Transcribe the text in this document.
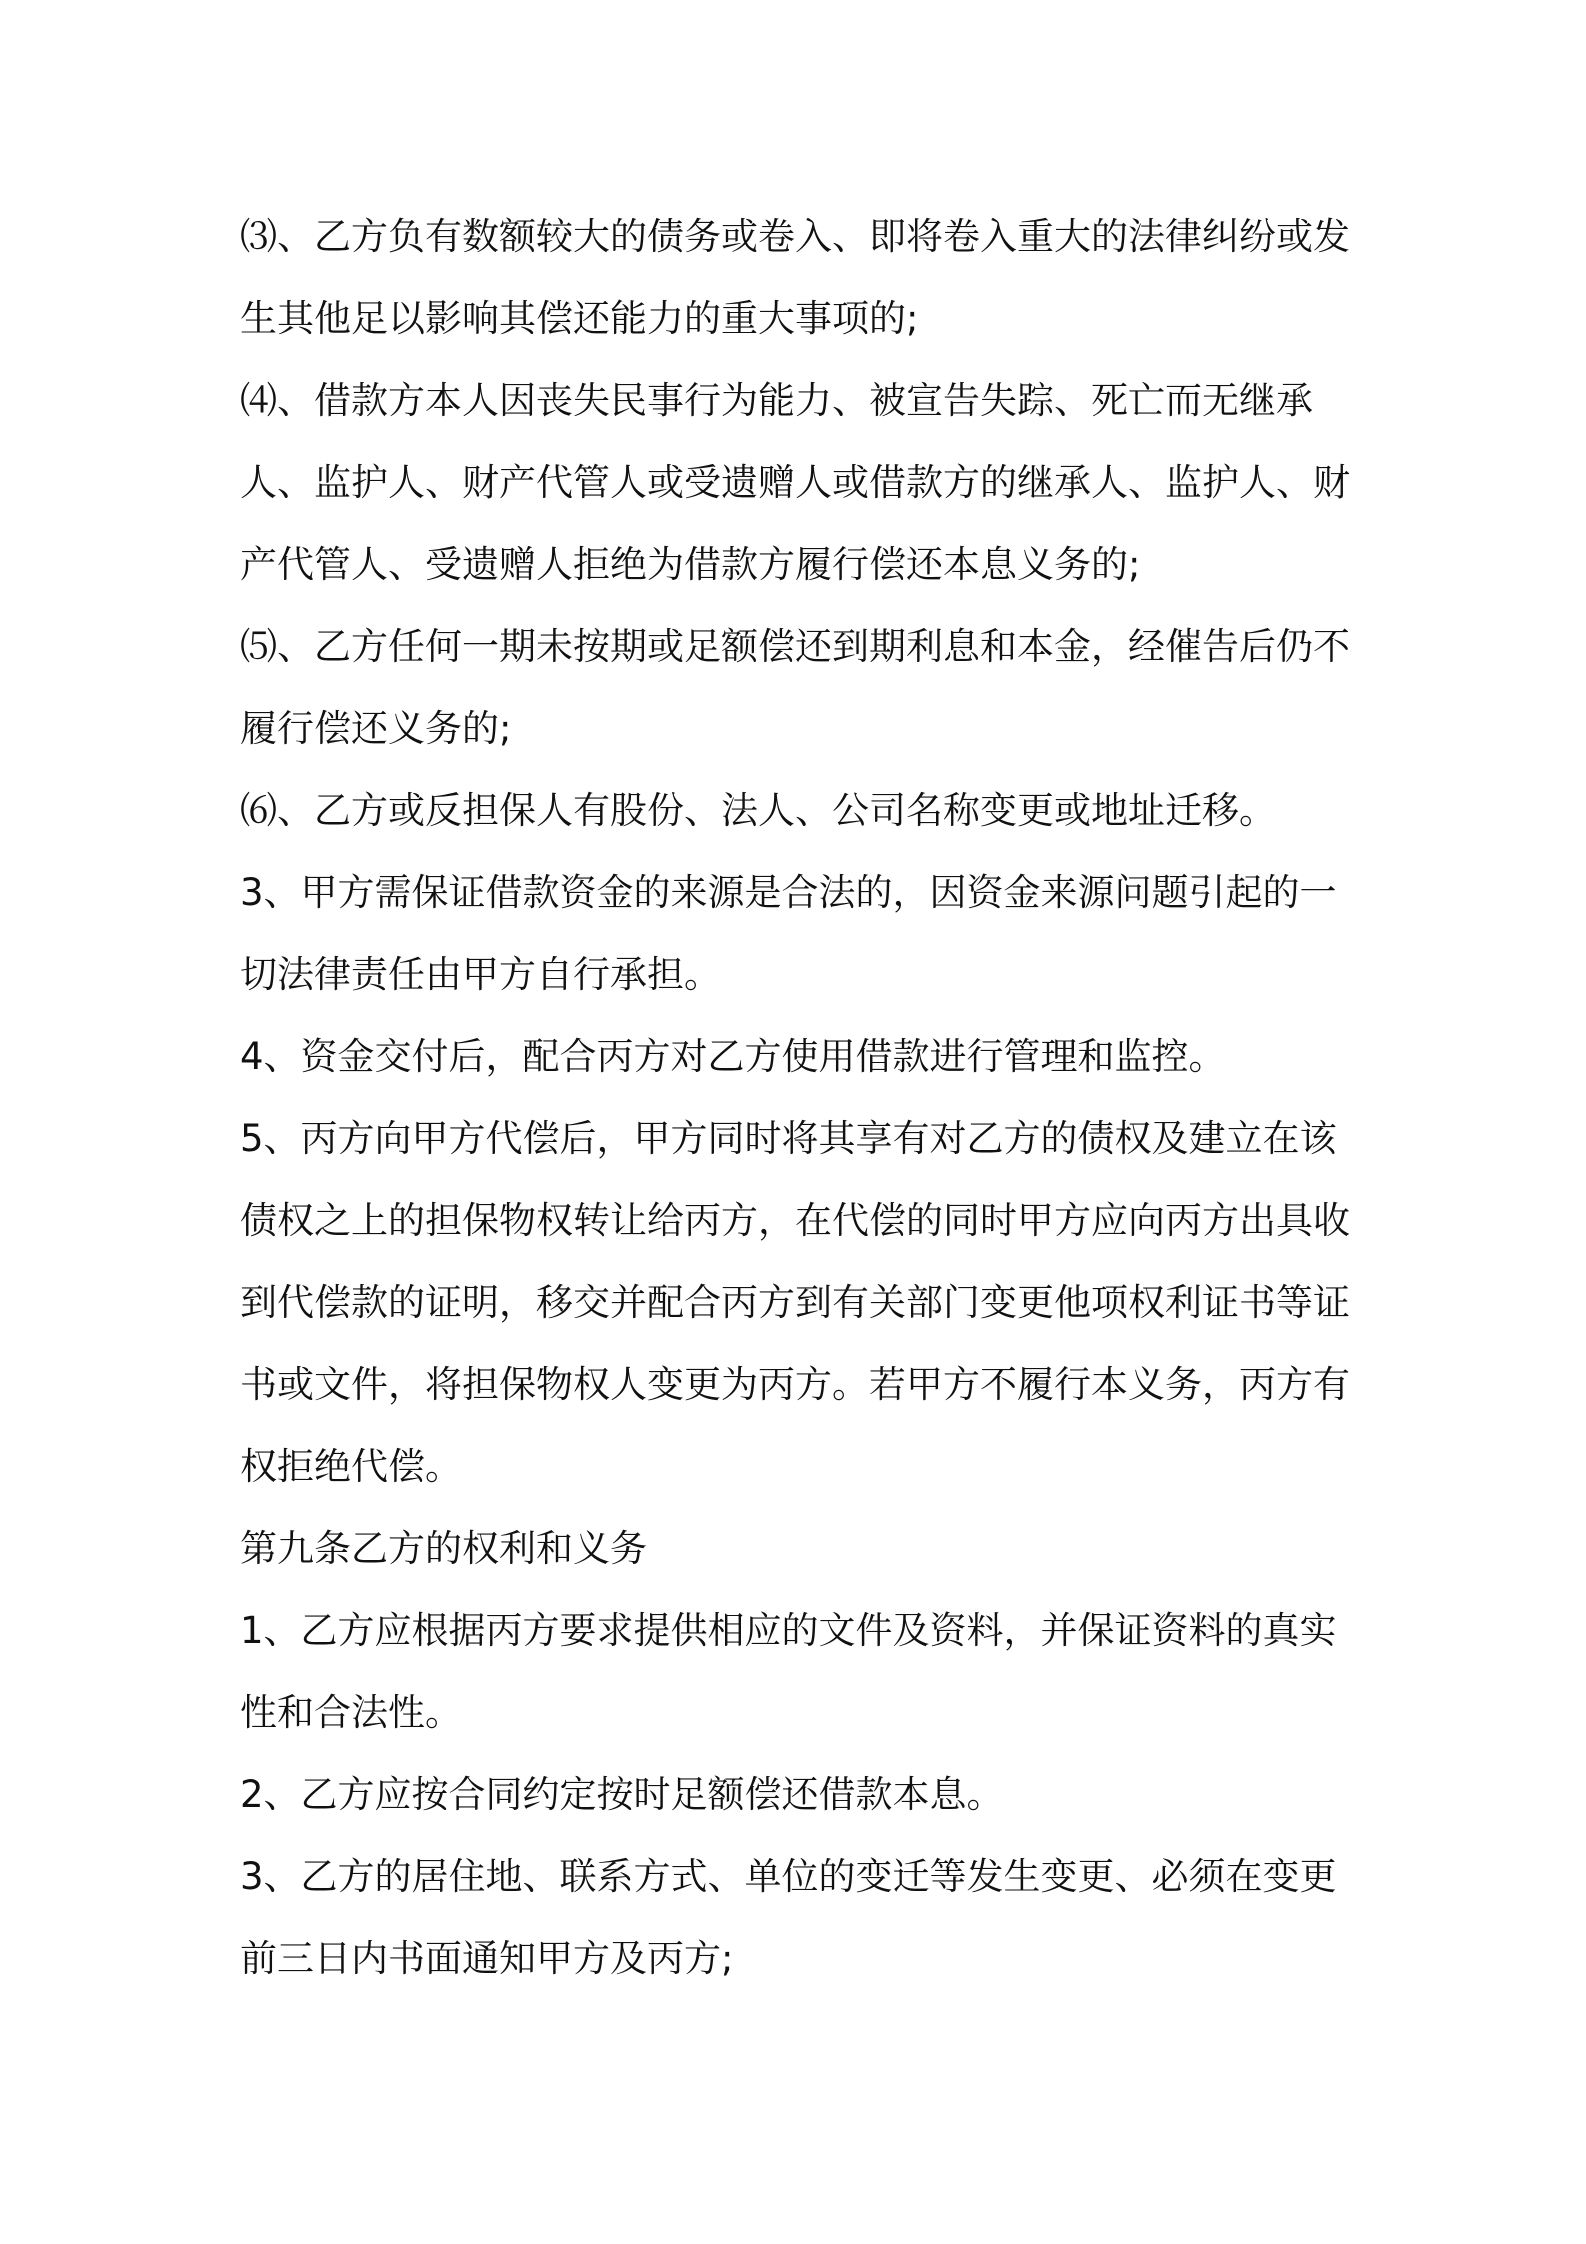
⑶、乙方负有数额较大的债务或卷入、即将卷入重大的法律纠纷或发生其他足以影响其偿还能力的重大事项的;

⑷、借款方本人因丧失民事行为能力、被宣告失踪、死亡而无继承人、监护人、财产代管人或受遗赠人或借款方的继承人、监护人、财产代管人、受遗赠人拒绝为借款方履行偿还本息义务的;

⑸、乙方任何一期未按期或足额偿还到期利息和本金，经催告后仍不履行偿还义务的;

⑹、乙方或反担保人有股份、法人、公司名称变更或地址迁移。

3、甲方需保证借款资金的来源是合法的，因资金来源问题引起的一切法律责任由甲方自行承担。

4、资金交付后，配合丙方对乙方使用借款进行管理和监控。

5、丙方向甲方代偿后，甲方同时将其享有对乙方的债权及建立在该债权之上的担保物权转让给丙方，在代偿的同时甲方应向丙方出具收到代偿款的证明，移交并配合丙方到有关部门变更他项权利证书等证书或文件，将担保物权人变更为丙方。若甲方不履行本义务，丙方有权拒绝代偿。

第九条乙方的权利和义务

1、乙方应根据丙方要求提供相应的文件及资料，并保证资料的真实性和合法性。

2、乙方应按合同约定按时足额偿还借款本息。

3、乙方的居住地、联系方式、单位的变迁等发生变更、必须在变更前三日内书面通知甲方及丙方;
